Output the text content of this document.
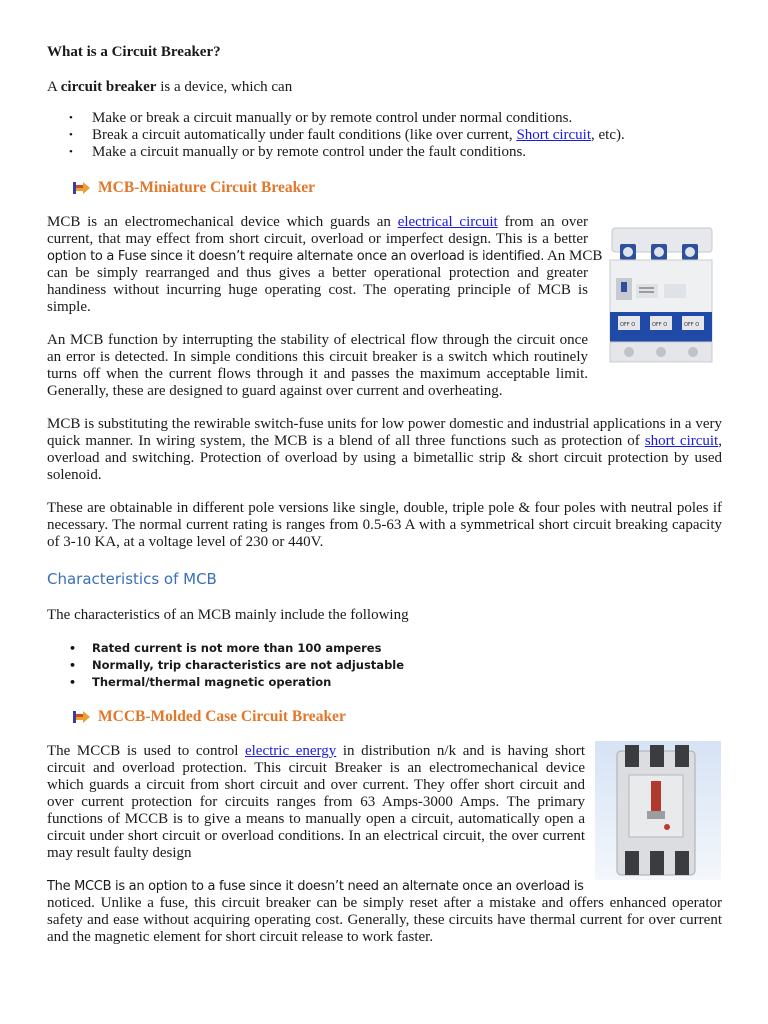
What is a Circuit Breaker?

A circuit breaker is a device, which can

• Make or break a circuit manually or by remote control under normal conditions.
• Break a circuit automatically under fault conditions (like over current, Short circuit, etc).
• Make a circuit manually or by remote control under the fault conditions.
MCB-Miniature Circuit Breaker

MCB is an electromechanical device which guards an electrical circuit from an over

current, that may effect from short circuit, overload or imperfect design. This is a better

option to a Fuse since it doesn’t require alternate once an overload is identified. An MCB

can be simply rearranged and thus gives a better operational protection and greater

handiness without incurring huge operating cost. The operating principle of MCB is

simple.

An MCB function by interrupting the stability of electrical flow through the circuit once an error is detected. In simple conditions this circuit breaker is a switch which routinely turns off when the current flows through it and passes the maximum acceptable limit. Generally, these are designed to guard against over current and overheating.

OFF O	OFF O	OFF O

MCB is substituting the rewirable switch-fuse units for low power domestic and industrial applications in a very quick manner. In wiring system, the MCB is a blend of all three functions such as protection of short circuit, overload and switching. Protection of overload by using a bimetallic strip & short circuit protection by used solenoid.

These are obtainable in different pole versions like single, double, triple pole & four poles with neutral poles if necessary. The normal current rating is ranges from 0.5-63 A with a symmetrical short circuit breaking capacity of 3-10 KA, at a voltage level of 230 or 440V.

Characteristics of MCB

The characteristics of an MCB mainly include the following

• Rated current is not more than 100 amperes
• Normally, trip characteristics are not adjustable
• Thermal/thermal magnetic operation
MCCB-Molded Case Circuit Breaker

The MCCB is used to control electric energy in distribution n/k and is having short

circuit and overload protection. This circuit Breaker is an electromechanical device

which guards a circuit from short circuit and over current. They offer short circuit and

over current protection for circuits ranges from 63 Amps-3000 Amps. The primary

functions of MCCB is to give a means to manually open a circuit, automatically open a

circuit under short circuit or overload conditions. In an electrical circuit, the over current

may result faulty design

The MCCB is an option to a fuse since it doesn’t need an alternate once an overload is

noticed. Unlike a fuse, this circuit breaker can be simply reset after a mistake and offers enhanced operator safety and ease without acquiring operating cost. Generally, these circuits have thermal current for over current and the magnetic element for short circuit release to work faster.
